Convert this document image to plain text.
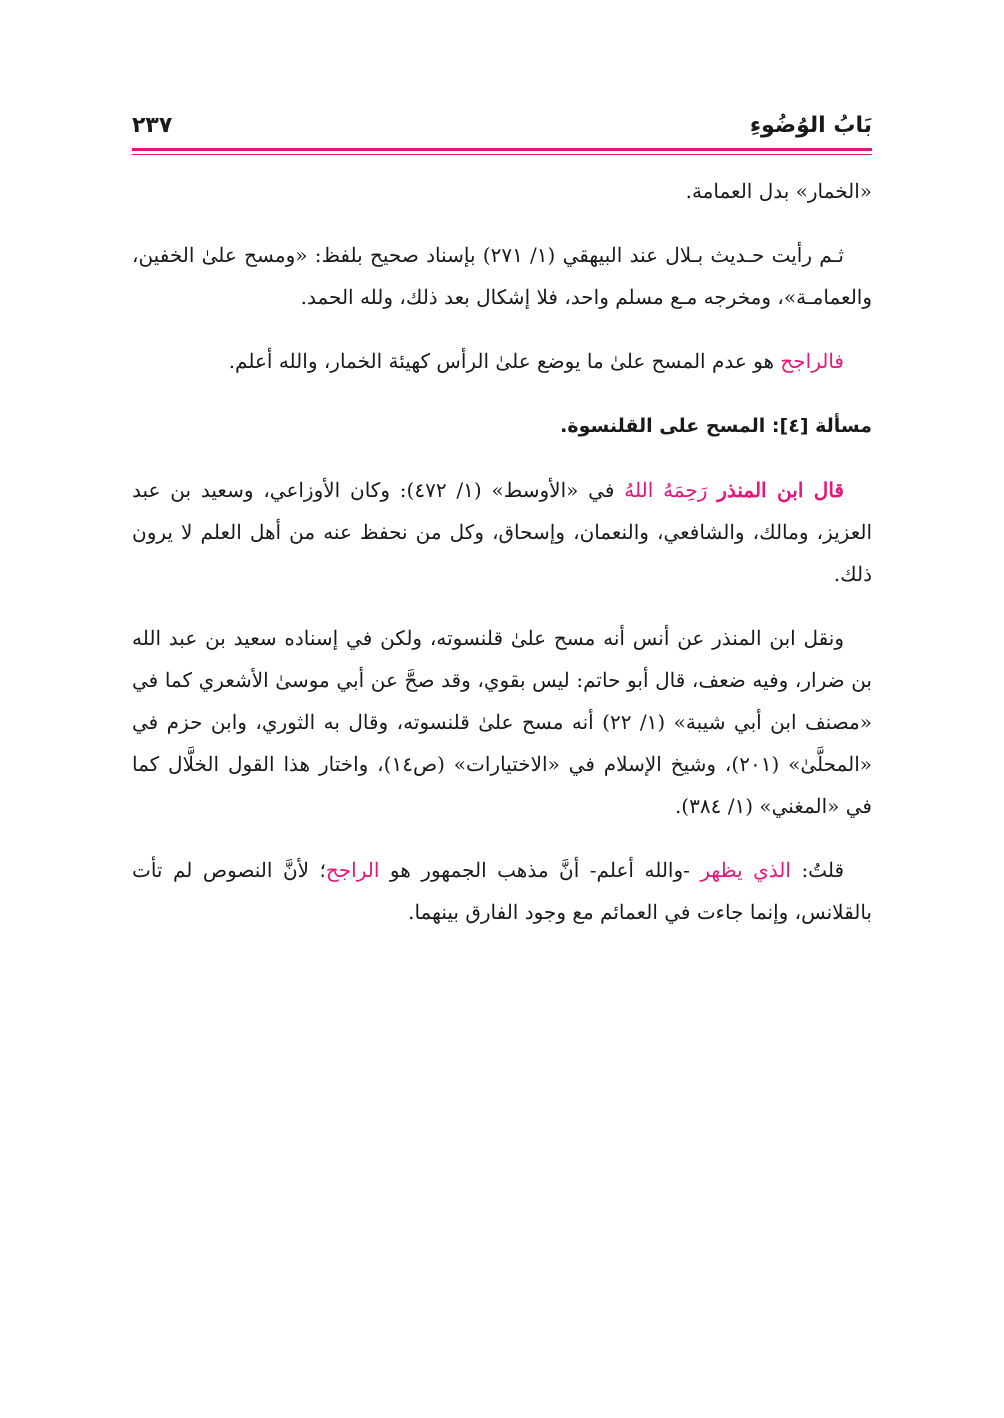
بَابُ الوُضُوءِ
٢٣٧

«الخمار» بدل العمامة.

ثـم رأيت حـديث بـلال عند البيهقي (١/ ٢٧١) بإسناد صحيح بلفظ: «ومسح علىٰ الخفين، والعمامـة»، ومخرجه مـع مسلم واحد، فلا إشكال بعد ذلك، ولله الحمد.

فالراجح هو عدم المسح علىٰ ما يوضع علىٰ الرأس كهيئة الخمار، والله أعلم.

مسألة [٤]: المسح على القلنسوة.

قال ابن المنذر رَحِمَهُ اللهُ في «الأوسط» (١/ ٤٧٢): وكان الأوزاعي، وسعيد بن عبد العزيز، ومالك، والشافعي، والنعمان، وإسحاق، وكل من نحفظ عنه من أهل العلم لا يرون ذلك.

ونقل ابن المنذر عن أنس أنه مسح علىٰ قلنسوته، ولكن في إسناده سعيد بن عبد الله بن ضرار، وفيه ضعف، قال أبو حاتم: ليس بقوي، وقد صحَّ عن أبي موسىٰ الأشعري كما في «مصنف ابن أبي شيبة» (١/ ٢٢) أنه مسح علىٰ قلنسوته، وقال به الثوري، وابن حزم في «المحلَّىٰ» (٢٠١)، وشيخ الإسلام في «الاختيارات» (ص١٤)، واختار هذا القول الخلَّال كما في «المغني» (١/ ٣٨٤).

قلتُ: الذي يظهر -والله أعلم- أنَّ مذهب الجمهور هو الراجح؛ لأنَّ النصوص لم تأت بالقلانس، وإنما جاءت في العمائم مع وجود الفارق بينهما.
